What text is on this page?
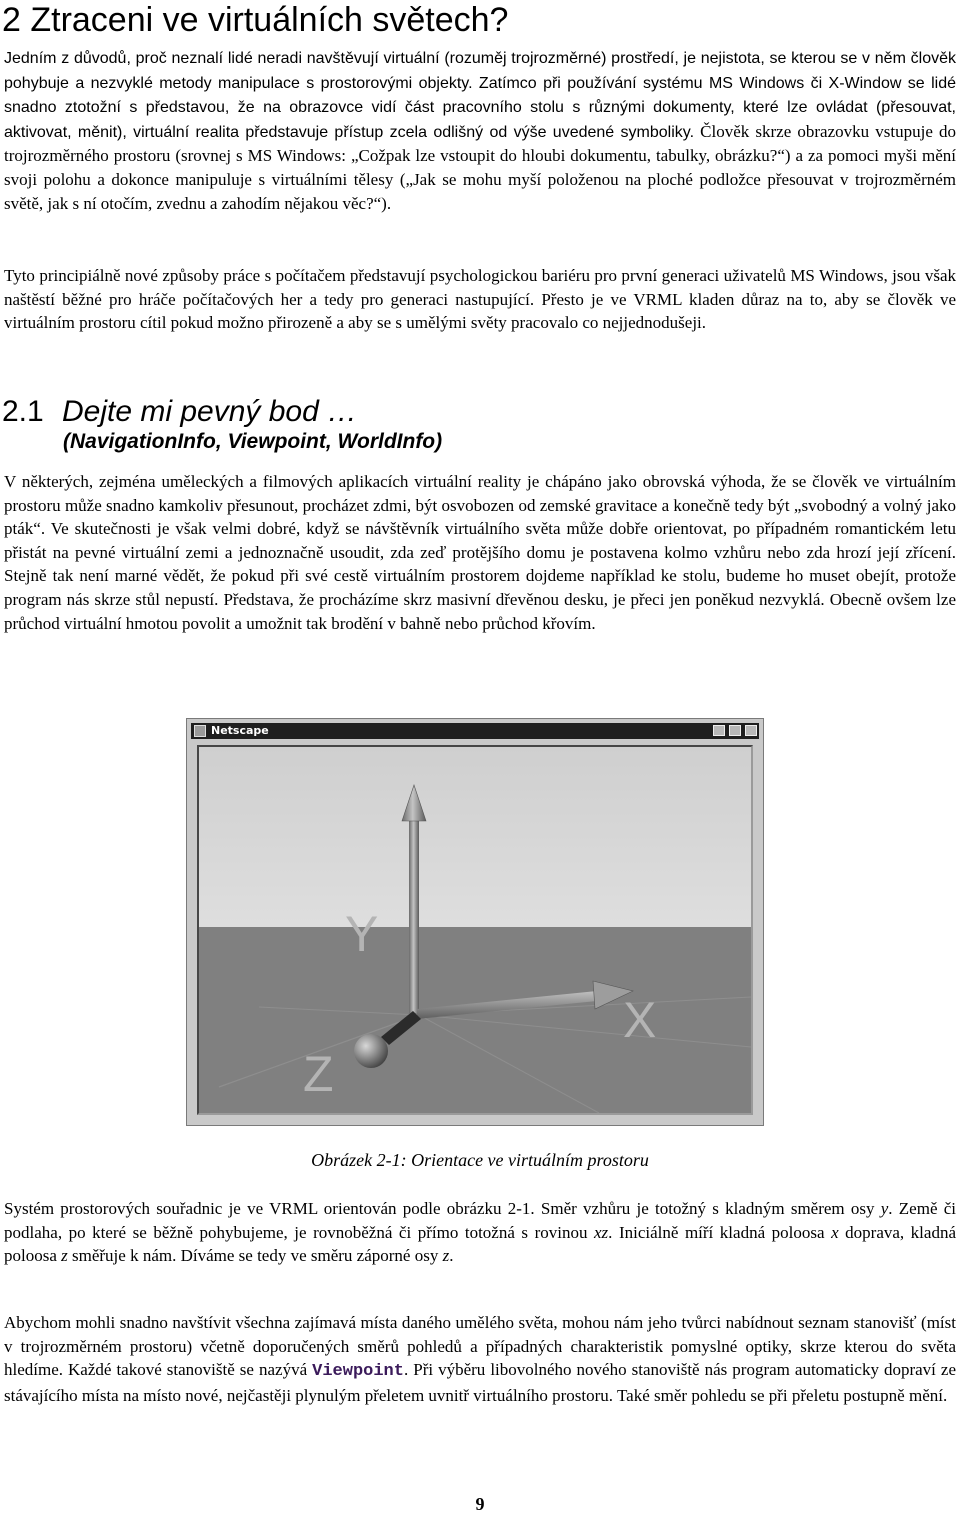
2 Ztraceni ve virtuálních světech?

Jedním z důvodů, proč neznalí lidé neradi navštěvují virtuální (rozuměj trojrozměrné) prostředí, je nejistota, se kterou se v něm člověk pohybuje a nezvyklé metody manipulace s prostorovými objekty. Zatímco při používání systému MS Windows či X-Window se lidé snadno ztotožní s představou, že na obrazovce vidí část pracovního stolu s různými dokumenty, které lze ovládat (přesouvat, aktivovat, měnit), virtuální realita představuje přístup zcela odlišný od výše uvedené symboliky. Člověk skrze obrazovku vstupuje do trojrozměrného prostoru (srovnej s MS Windows: „Cožpak lze vstoupit do hloubi dokumentu, tabulky, obrázku?“) a za pomoci myši mění svoji polohu a dokonce manipuluje s virtuálními tělesy („Jak se mohu myší položenou na ploché podložce přesouvat v trojrozměrném světě, jak s ní otočím, zvednu a zahodím nějakou věc?“).

Tyto principiálně nové způsoby práce s počítačem představují psychologickou bariéru pro první generaci uživatelů MS Windows, jsou však naštěstí běžné pro hráče počítačových her a tedy pro generaci nastupující. Přesto je ve VRML kladen důraz na to, aby se člověk ve virtuálním prostoru cítil pokud možno přirozeně a aby se s umělými světy pracovalo co nejjednodušeji.

2.1 Dejte mi pevný bod …
(NavigationInfo, Viewpoint, WorldInfo)

V některých, zejména uměleckých a filmových aplikacích virtuální reality je chápáno jako obrovská výhoda, že se člověk ve virtuálním prostoru může snadno kamkoliv přesunout, procházet zdmi, být osvobozen od zemské gravitace a konečně tedy být „svobodný a volný jako pták“. Ve skutečnosti je však velmi dobré, když se návštěvník virtuálního světa může dobře orientovat, po případném romantickém letu přistát na pevné virtuální zemi a jednoznačně usoudit, zda zeď protějšího domu je postavena kolmo vzhůru nebo zda hrozí její zřícení. Stejně tak není marné vědět, že pokud při své cestě virtuálním prostorem dojdeme například ke stolu, budeme ho muset obejít, protože program nás skrze stůl nepustí. Představa, že procházíme skrz masivní dřevěnou desku, je přeci jen poněkud nezvyklá. Obecně ovšem lze průchod virtuální hmotou povolit a umožnit tak brodění v bahně nebo průchod křovím.

Netscape
Y
X
Z
Obrázek 2-1: Orientace ve virtuálním prostoru

Systém prostorových souřadnic je ve VRML orientován podle obrázku 2-1. Směr vzhůru je totožný s kladným směrem osy y. Země či podlaha, po které se běžně pohybujeme, je rovnoběžná či přímo totožná s rovinou xz. Iniciálně míří kladná poloosa x doprava, kladná poloosa z směřuje k nám. Díváme se tedy ve směru záporné osy z.

Abychom mohli snadno navštívit všechna zajímavá místa daného umělého světa, mohou nám jeho tvůrci nabídnout seznam stanovišť (míst v trojrozměrném prostoru) včetně doporučených směrů pohledů a případných charakteristik pomyslné optiky, skrze kterou do světa hledíme. Každé takové stanoviště se nazývá Viewpoint. Při výběru libovolného nového stanoviště nás program automaticky dopraví ze stávajícího místa na místo nové, nejčastěji plynulým přeletem uvnitř virtuálního prostoru. Také směr pohledu se při přeletu postupně mění.

9
